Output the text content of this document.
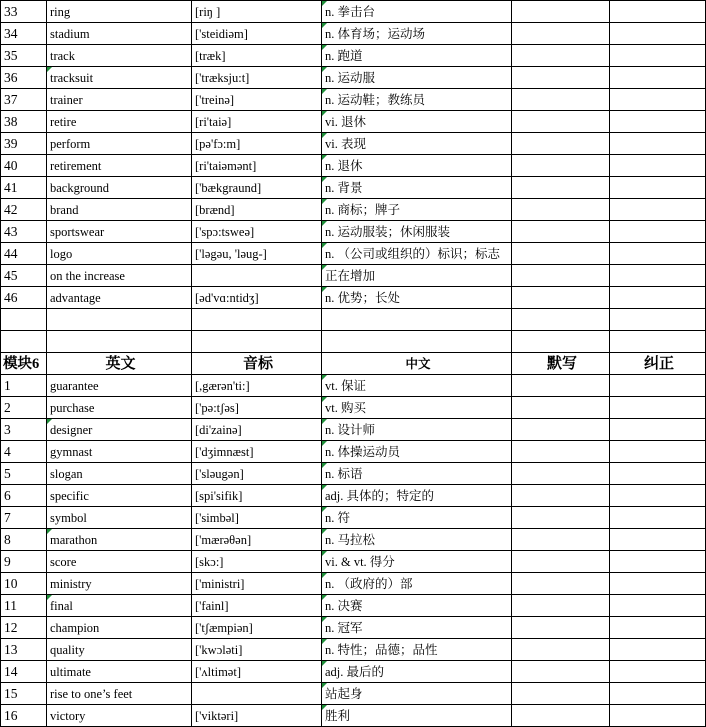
33	ring	[riŋ ]	n. 拳击台		
34	stadium	['steidiəm]	n. 体育场；运动场		
35	track	[træk]	n. 跑道		
36	tracksuit	['træksju:t]	n. 运动服		
37	trainer	['treinə]	n. 运动鞋；教练员		
38	retire	[ri'taiə]	vi. 退休		
39	perform	[pə'fɔ:m]	vi. 表现		
40	retirement	[ri'taiəmənt]	n. 退休		
41	background	['bækgraund]	n. 背景		
42	brand	[brænd]	n. 商标；牌子		
43	sportswear	['spɔ:tsweə]	n. 运动服装；休闲服装		
44	logo	['ləgəu, 'ləug-]	n. （公司或组织的）标识；标志		
45	on the increase		正在增加		
46	advantage	[əd'vɑ:ntidʒ]	n. 优势；长处		

模块6	英文	音标	中文	默写	纠正
1	guarantee	[,gærən'ti:]	vt. 保证		
2	purchase	['pə:tʃəs]	vt. 购买		
3	designer	[di'zainə]	n. 设计师		
4	gymnast	['dʒimnæst]	n. 体操运动员		
5	slogan	['sləugən]	n. 标语		
6	specific	[spi'sifik]	adj. 具体的；特定的		
7	symbol	['simbəl]	n. 符		
8	marathon	['mærəθən]	n. 马拉松		
9	score	[skɔ:]	vi. & vt. 得分		
10	ministry	['ministri]	n. （政府的）部		
11	final	['fainl]	n. 决赛		
12	champion	['tʃæmpiən]	n. 冠军		
13	quality	['kwɔləti]	n. 特性；品德；品性		
14	ultimate	['ʌltimət]	adj. 最后的		
15	rise to one’s feet		站起身		
16	victory	['viktəri]	胜利		
